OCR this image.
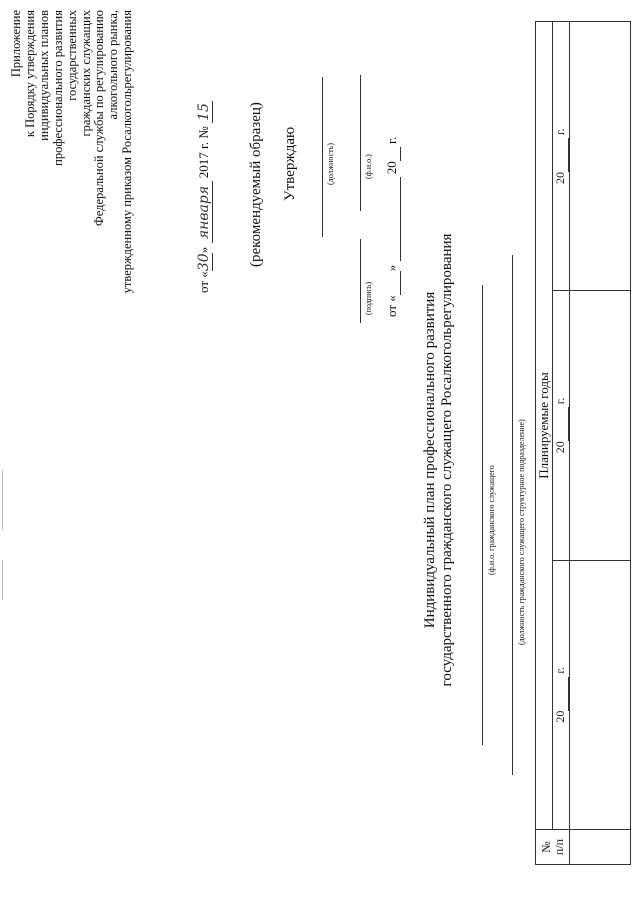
Приложение к Порядку утверждения индивидуальных планов профессионального развития государственных гражданских служащих Федеральной службы по регулированию алкогольного рынка, утвержденному приказом Росалкогольрегулирования	от «30» января 2017 г. № 15 (рекомендуемый образец) Утверждаю	(должность)
(подпись)
(ф.и.о.)
от « »   20  г.
Индивидуальный план профессионального развития государственного гражданского служащего Росалкогольрегулирования	(ф.и.о. гражданского служащего	(должность гражданского служащего структурное подразделение)
№ п/п	Планируемые годы		
	20  г.	20  г.	20  г.
